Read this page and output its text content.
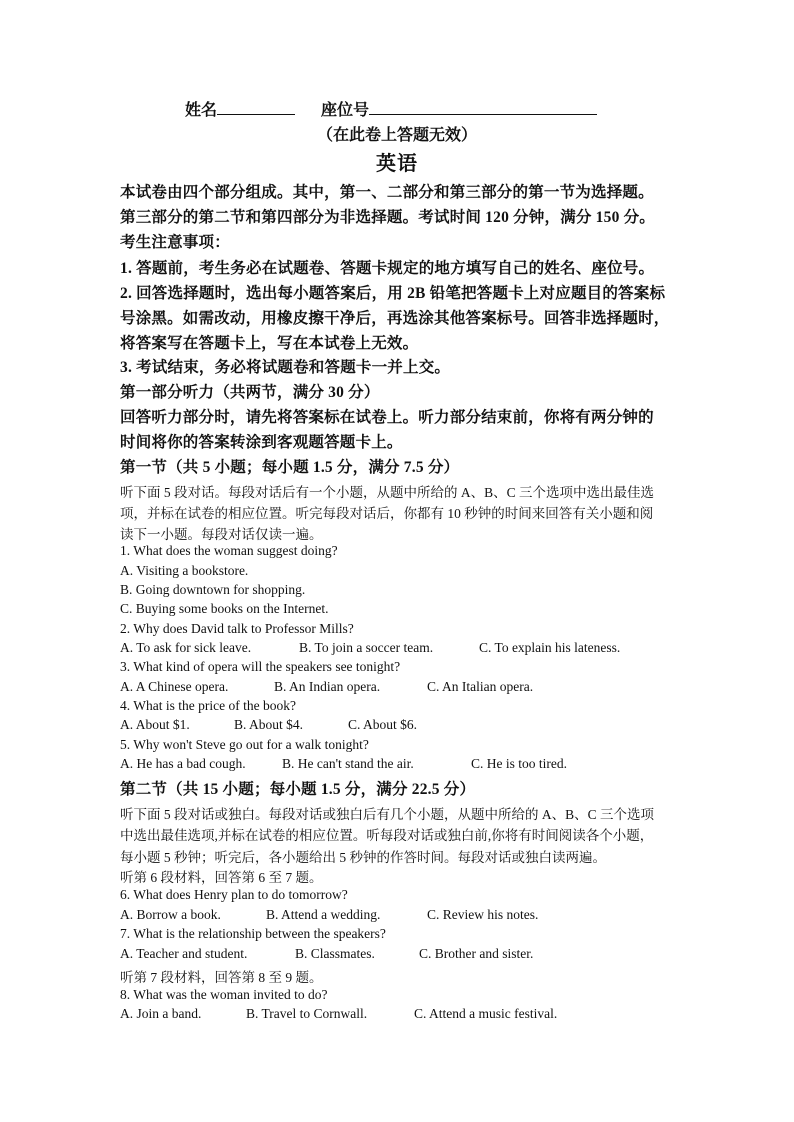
姓名	座位号
（在此卷上答题无效）
英语
本试卷由四个部分组成。其中，第一、二部分和第三部分的第一节为选择题。
第三部分的第二节和第四部分为非选择题。考试时间 120 分钟，满分 150 分。
考生注意事项：
1. 答题前，考生务必在试题卷、答题卡规定的地方填写自己的姓名、座位号。
2. 回答选择题时，选出每小题答案后，用 2B 铅笔把答题卡上对应题目的答案标
号涂黑。如需改动，用橡皮擦干净后，再选涂其他答案标号。回答非选择题时，
将答案写在答题卡上，写在本试卷上无效。
3. 考试结束，务必将试题卷和答题卡一并上交。
第一部分听力（共两节，满分 30 分）
回答听力部分时，请先将答案标在试卷上。听力部分结束前，你将有两分钟的
时间将你的答案转涂到客观题答题卡上。
第一节（共 5 小题；每小题 1.5 分，满分 7.5 分）
听下面 5 段对话。每段对话后有一个小题，从题中所给的 A、B、C 三个选项中选出最佳选
项，并标在试卷的相应位置。听完每段对话后，你都有 10 秒钟的时间来回答有关小题和阅
读下一小题。每段对话仅读一遍。
1. What does the woman suggest doing?
A. Visiting a bookstore.
B. Going downtown for shopping.
C. Buying some books on the Internet.
2. Why does David talk to Professor Mills?
A. To ask for sick leave.	B. To join a soccer team.	C. To explain his lateness.
3. What kind of opera will the speakers see tonight?
A. A Chinese opera.	B. An Indian opera.	C. An Italian opera.
4. What is the price of the book?
A. About $1.	B. About $4.	C. About $6.
5. Why won't Steve go out for a walk tonight?
A. He has a bad cough.	B. He can't stand the air.	C. He is too tired.
第二节（共 15 小题；每小题 1.5 分，满分 22.5 分）
听下面 5 段对话或独白。每段对话或独白后有几个小题，从题中所给的 A、B、C 三个选项
中选出最佳选项,并标在试卷的相应位置。听每段对话或独白前,你将有时间阅读各个小题，
每小题 5 秒钟；听完后，各小题给出 5 秒钟的作答时间。每段对话或独白读两遍。
听第 6 段材料，回答第 6 至 7 题。
6. What does Henry plan to do tomorrow?
A. Borrow a book.	B. Attend a wedding.	C. Review his notes.
7. What is the relationship between the speakers?
A. Teacher and student.	B. Classmates.	C. Brother and sister.
听第 7 段材料，回答第 8 至 9 题。
8. What was the woman invited to do?
A. Join a band.	B. Travel to Cornwall.	C. Attend a music festival.
